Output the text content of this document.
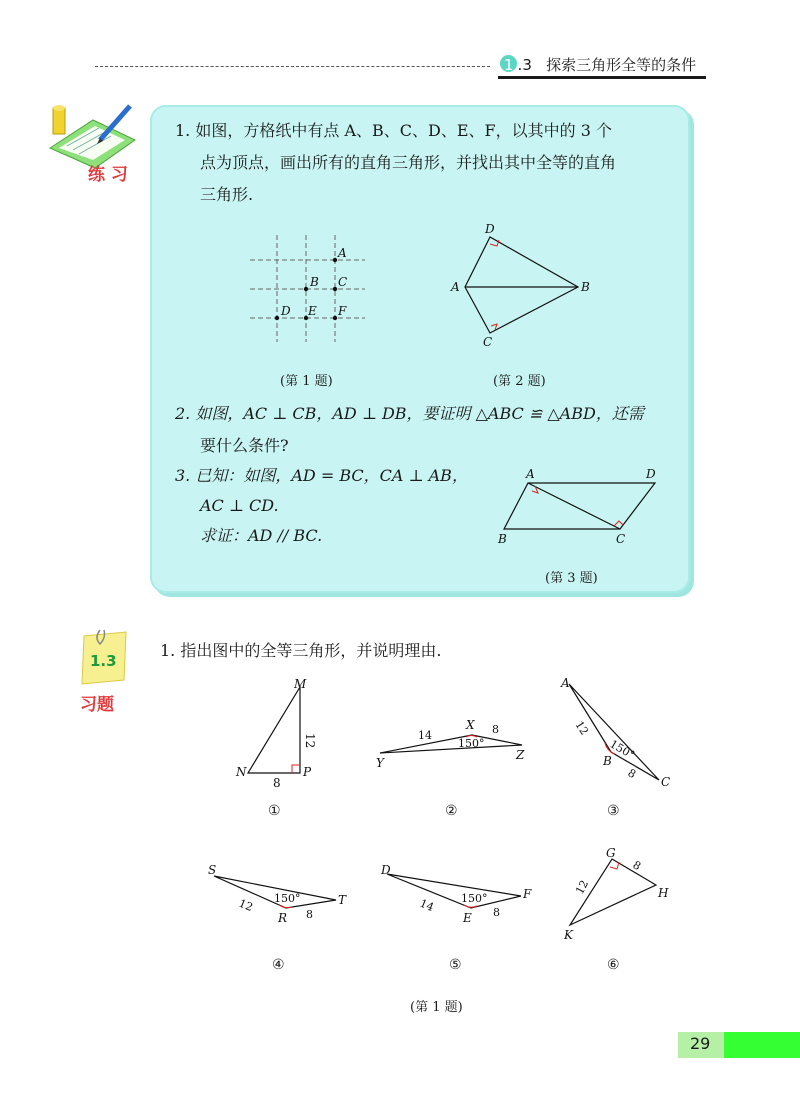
1 .3 探索三角形全等的条件
练 习
1. 如图，方格纸中有点 A、B、C、D、E、F，以其中的 3 个
点为顶点，画出所有的直角三角形，并找出其中全等的直角
三角形.
A
B C
D E F
(第 1 题)
D
A	B
C
(第 2 题)
2. 如图，AC ⊥ CB，AD ⊥ DB，要证明 △ABC ≌ △ABD，还需
要什么条件?
3. 已知：如图，AD = BC，CA ⊥ AB，
AC ⊥ CD.
求证：AD // BC.
A	D
B	C
(第 3 题)
1.3
习题
1. 指出图中的全等三角形，并说明理由.
M
N	P
12
8
①
X
Y
Z
14	8
150°
②
A
B
C
12
8
150°
③
S
R
T
12
8
150°
④
D
E
F
14	8
150°
⑤
G
H
K
8
12
⑥
(第 1 题)
29
